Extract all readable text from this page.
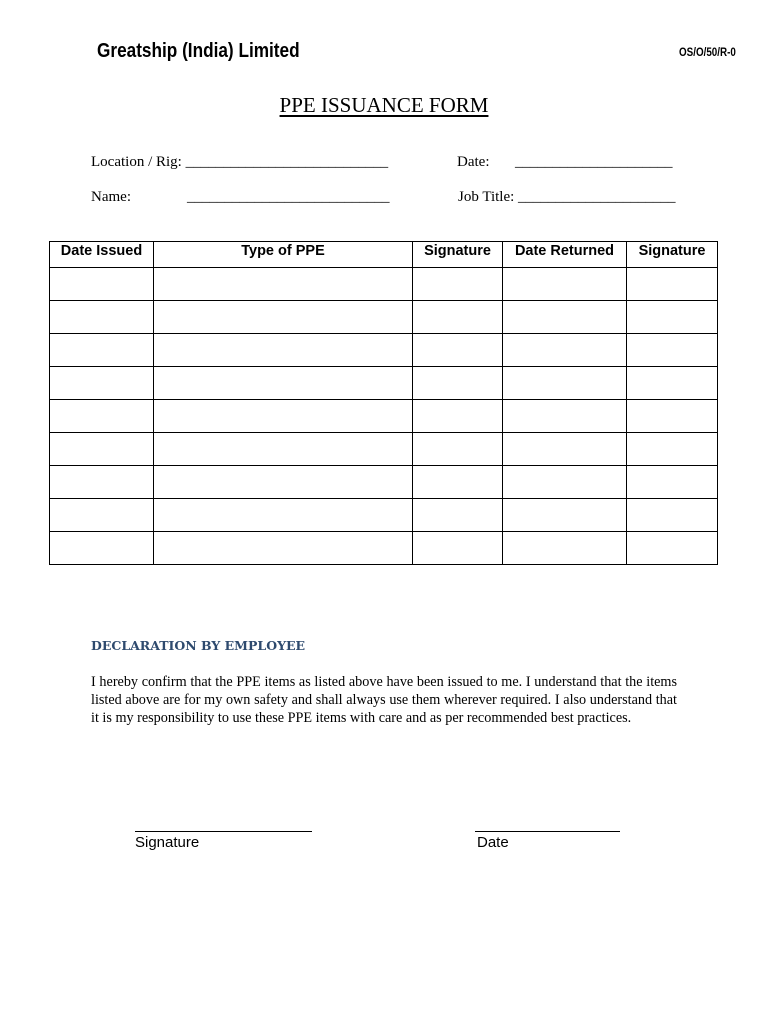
Greatship (India) Limited	OS/O/50/R-0
PPE ISSUANCE FORM
Location / Rig: ___________________________	Date: _____________________
Name:	___________________________	Job Title: _____________________
Date Issued	Type of PPE	Signature	Date Returned	Signature

DECLARATION BY EMPLOYEE
I hereby confirm that the PPE items as listed above have been issued to me. I understand that the items listed above are for my own safety and shall always use them wherever required. I also understand that it is my responsibility to use these PPE items with care and as per recommended best practices.
Signature	Date
